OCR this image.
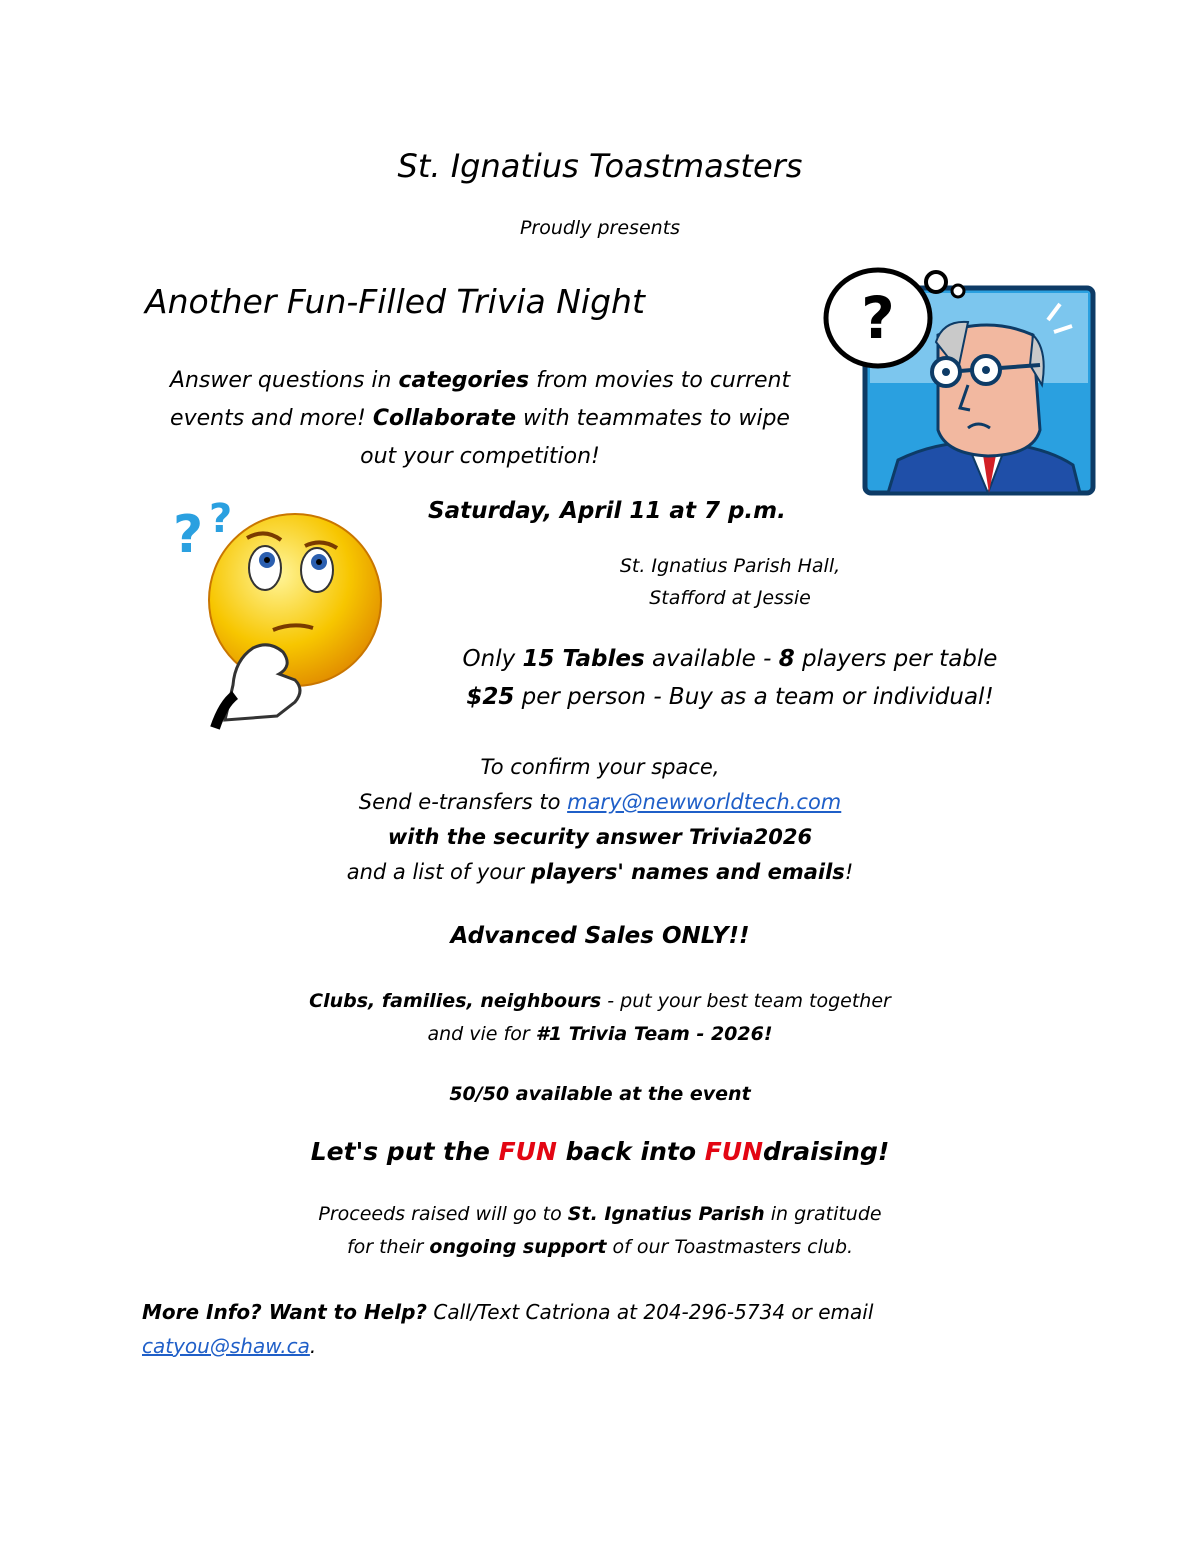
St. Ignatius Toastmasters
Proudly presents
Another Fun-Filled Trivia Night	?
Answer questions in categories from movies to current events and more! Collaborate with teammates to wipe out your competition!
? ?	Saturday, April 11 at 7 p.m.
St. Ignatius Parish Hall,
Stafford at Jessie
Only 15 Tables available - 8 players per table
$25 per person - Buy as a team or individual!
To confirm your space,
Send e-transfers to mary@newworldtech.com
with the security answer Trivia2026
and a list of your players' names and emails!
Advanced Sales ONLY!!
Clubs, families, neighbours - put your best team together
and vie for #1 Trivia Team - 2026!
50/50 available at the event
Let's put the FUN back into FUNdraising!
Proceeds raised will go to St. Ignatius Parish in gratitude
for their ongoing support of our Toastmasters club.
More Info? Want to Help? Call/Text Catriona at 204-296-5734 or email
catyou@shaw.ca.
